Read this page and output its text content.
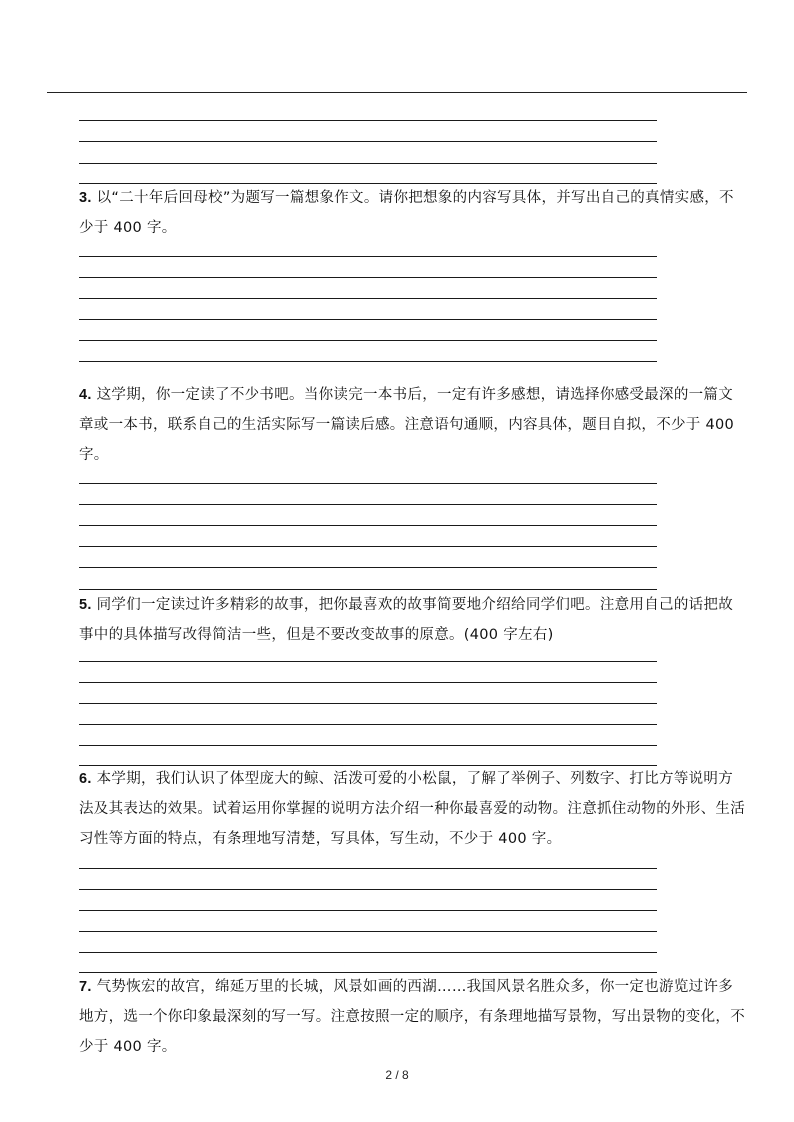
3. 以“二十年后回母校”为题写一篇想象作文。请你把想象的内容写具体，并写出自己的真情实感，不少于 400 字。

4. 这学期，你一定读了不少书吧。当你读完一本书后，一定有许多感想，请选择你感受最深的一篇文章或一本书，联系自己的生活实际写一篇读后感。注意语句通顺，内容具体，题目自拟，不少于 400 字。

5. 同学们一定读过许多精彩的故事，把你最喜欢的故事简要地介绍给同学们吧。注意用自己的话把故事中的具体描写改得简洁一些，但是不要改变故事的原意。(400 字左右)

6. 本学期，我们认识了体型庞大的鲸、活泼可爱的小松鼠，了解了举例子、列数字、打比方等说明方法及其表达的效果。试着运用你掌握的说明方法介绍一种你最喜爱的动物。注意抓住动物的外形、生活习性等方面的特点，有条理地写清楚，写具体，写生动，不少于 400 字。

7. 气势恢宏的故宫，绵延万里的长城，风景如画的西湖……我国风景名胜众多，你一定也游览过许多地方，选一个你印象最深刻的写一写。注意按照一定的顺序，有条理地描写景物，写出景物的变化，不少于 400 字。

2 / 8
